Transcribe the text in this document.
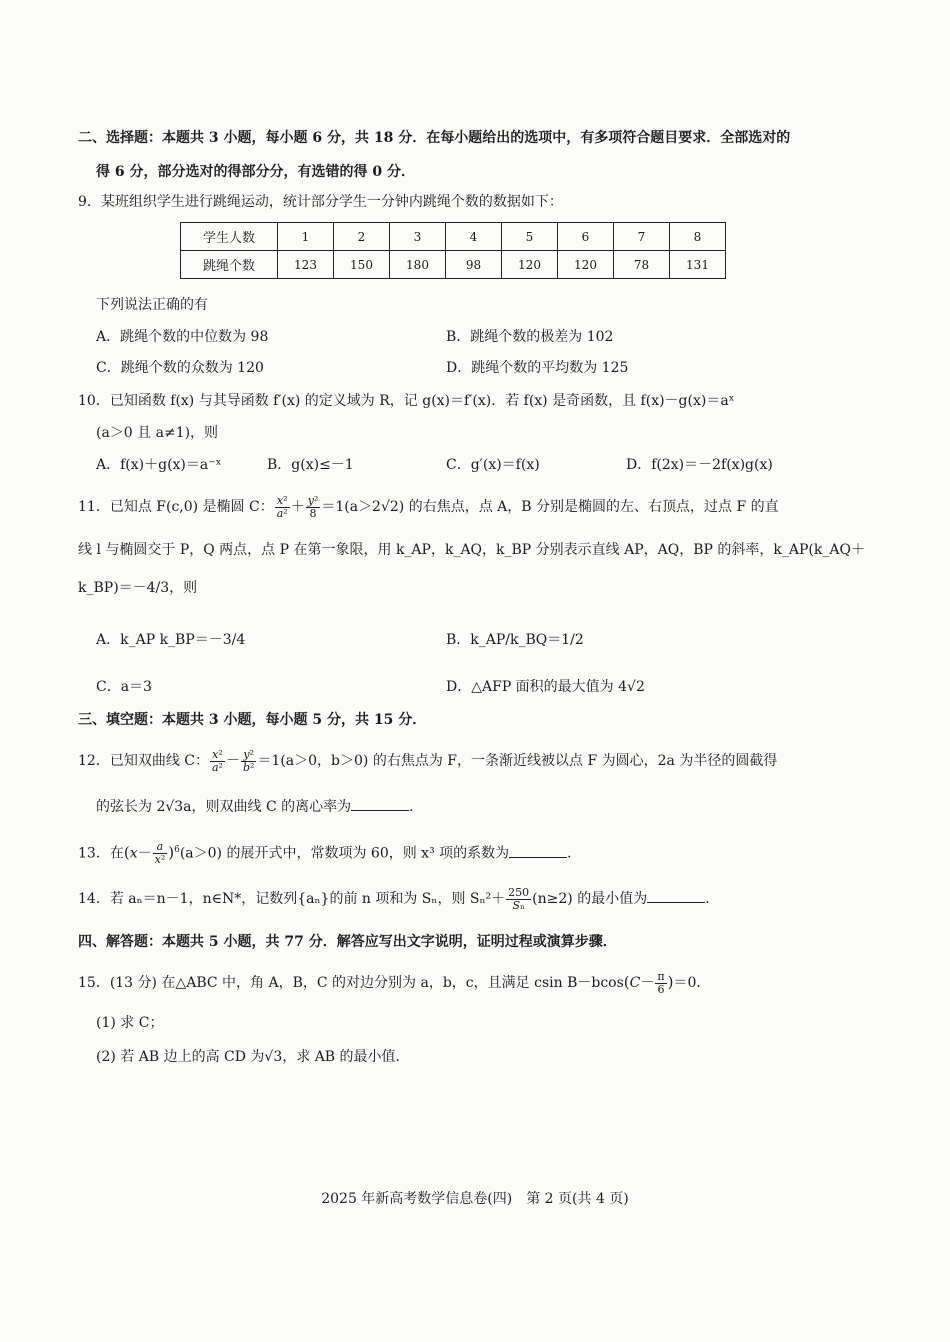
二、选择题：本题共 3 小题，每小题 6 分，共 18 分．在每小题给出的选项中，有多项符合题目要求．全部选对的
得 6 分，部分选对的得部分分，有选错的得 0 分．
9．某班组织学生进行跳绳运动，统计部分学生一分钟内跳绳个数的数据如下：
学生人数	1	2	3	4	5	6	7	8
跳绳个数	123	150	180	98	120	120	78	131
下列说法正确的有
A．跳绳个数的中位数为 98	B．跳绳个数的极差为 102
C．跳绳个数的众数为 120	D．跳绳个数的平均数为 125
10．已知函数 f(x) 与其导函数 f′(x) 的定义域为 R，记 g(x)＝f′(x)．若 f(x) 是奇函数，且 f(x)－g(x)＝aˣ
(a＞0 且 a≠1)，则
A．f(x)＋g(x)＝a⁻ˣ	B．g(x)≤－1	C．g′(x)＝f(x)	D．f(2x)＝－2f(x)g(x)
11．已知点 F(c,0) 是椭圆 C： $\frac{\text{x²}}{\text{a²}} + \frac{\text{y²}}{8} =1(a>2√2)$ 的右焦点，点 A，B 分别是椭圆的左、右顶点，过点 F 的直
线 l 与椭圆交于 P，Q 两点，点 P 在第一象限，用 k_AP，k_AQ，k_BP 分别表示直线 AP，AQ，BP 的斜率，k_AP(k_AQ＋
k_BP)＝－4/3，则
A．k_AP k_BP＝－3/4	B．k_AP/k_BQ＝1/2
C．a＝3	D．△AFP 面积的最大值为 4√2
三、填空题：本题共 3 小题，每小题 5 分，共 15 分．
12．已知双曲线 C： $\frac{\text{x²}}{\text{a²}} - \frac{\text{y²}}{\text{b²}} =1(a>0$，b＞0) 的右焦点为 F，一条渐近线被以点 F 为圆心，2a 为半径的圆截得
的弦长为 2√3a，则双曲线 C 的离心率为	．
13．在$(x- \frac{a}{\text{x²}} )^6(a>0)$ 的展开式中，常数项为 60，则 x³ 项的系数为	．
14．若 aₙ＝n－1，n∈N*，记数列{aₙ}的前 n 项和为 Sₙ，则 $S_n^2+ \frac{250}{\text{Sₙ}} (n\ge 2)$ 的最小值为	．
四、解答题：本题共 5 小题，共 77 分．解答应写出文字说明，证明过程或演算步骤．
15．(13 分) 在△ABC 中，角 A，B，C 的对边分别为 a，b，c，且满足 csin $B-bcos(C- \frac{\pi}{6} )=0$．
(1) 求 C；
(2) 若 AB 边上的高 CD 为√3，求 AB 的最小值．
2025 年新高考数学信息卷(四)　第 2 页(共 4 页)
